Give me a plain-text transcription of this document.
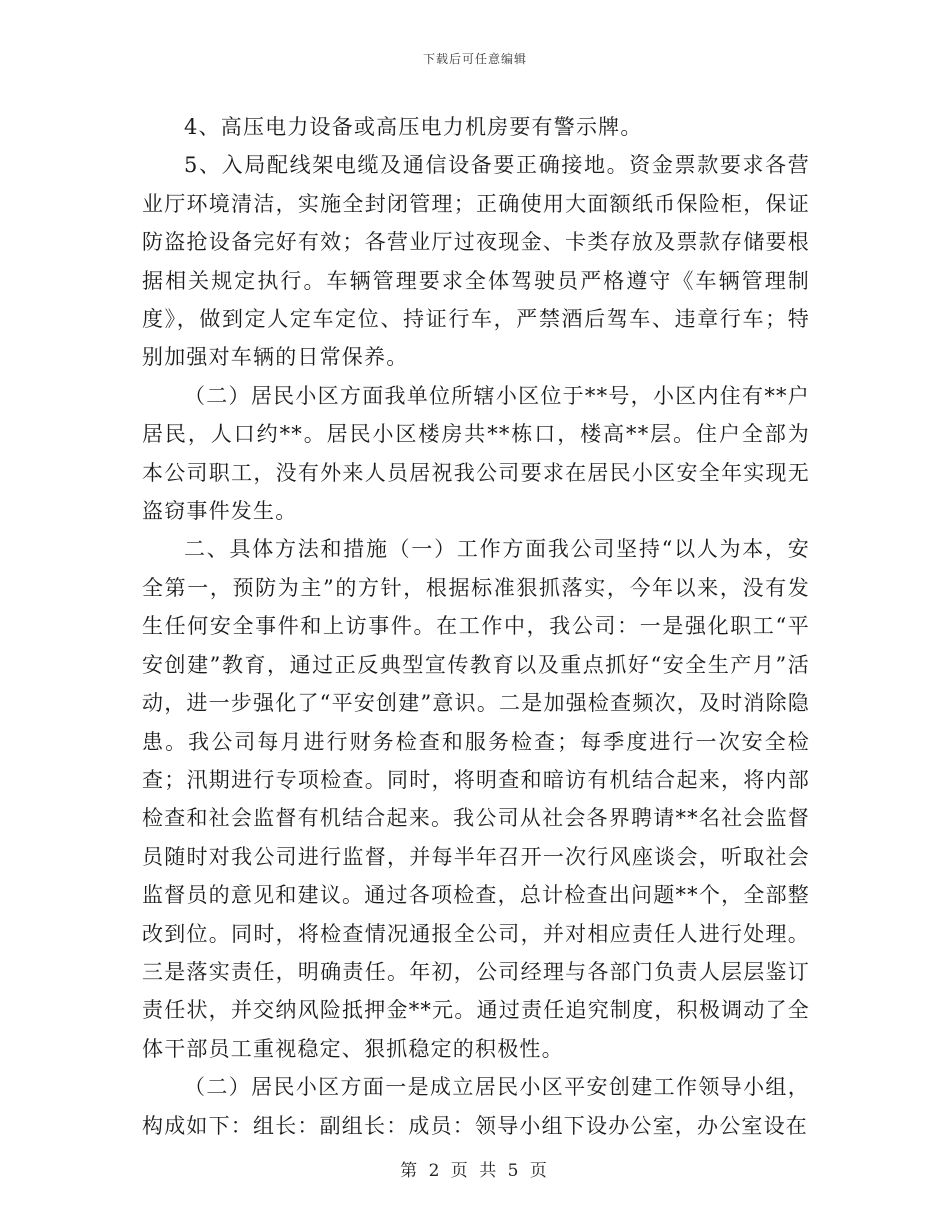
下载后可任意编辑

4、高压电力设备或高压电力机房要有警示牌。

5、入局配线架电缆及通信设备要正确接地。资金票款要求各营业厅环境清洁，实施全封闭管理；正确使用大面额纸币保险柜，保证防盗抢设备完好有效；各营业厅过夜现金、卡类存放及票款存储要根据相关规定执行。车辆管理要求全体驾驶员严格遵守《车辆管理制度》，做到定人定车定位、持证行车，严禁酒后驾车、违章行车；特别加强对车辆的日常保养。

（二）居民小区方面我单位所辖小区位于**号，小区内住有**户居民，人口约**。居民小区楼房共**栋口，楼高**层。住户全部为本公司职工，没有外来人员居祝我公司要求在居民小区安全年实现无盗窃事件发生。

二、具体方法和措施（一）工作方面我公司坚持“以人为本，安全第一，预防为主”的方针，根据标准狠抓落实，今年以来，没有发生任何安全事件和上访事件。在工作中，我公司：一是强化职工“平安创建”教育，通过正反典型宣传教育以及重点抓好“安全生产月”活动，进一步强化了“平安创建”意识。二是加强检查频次，及时消除隐患。我公司每月进行财务检查和服务检查；每季度进行一次安全检查；汛期进行专项检查。同时，将明查和暗访有机结合起来，将内部检查和社会监督有机结合起来。我公司从社会各界聘请**名社会监督员随时对我公司进行监督，并每半年召开一次行风座谈会，听取社会监督员的意见和建议。通过各项检查，总计检查出问题**个，全部整改到位。同时，将检查情况通报全公司，并对相应责任人进行处理。三是落实责任，明确责任。年初，公司经理与各部门负责人层层鉴订责任状，并交纳风险抵押金**元。通过责任追究制度，积极调动了全体干部员工重视稳定、狠抓稳定的积极性。

（二）居民小区方面一是成立居民小区平安创建工作领导小组，构成如下：组长：副组长：成员：领导小组下设办公室，办公室设在

第 2 页 共 5 页
